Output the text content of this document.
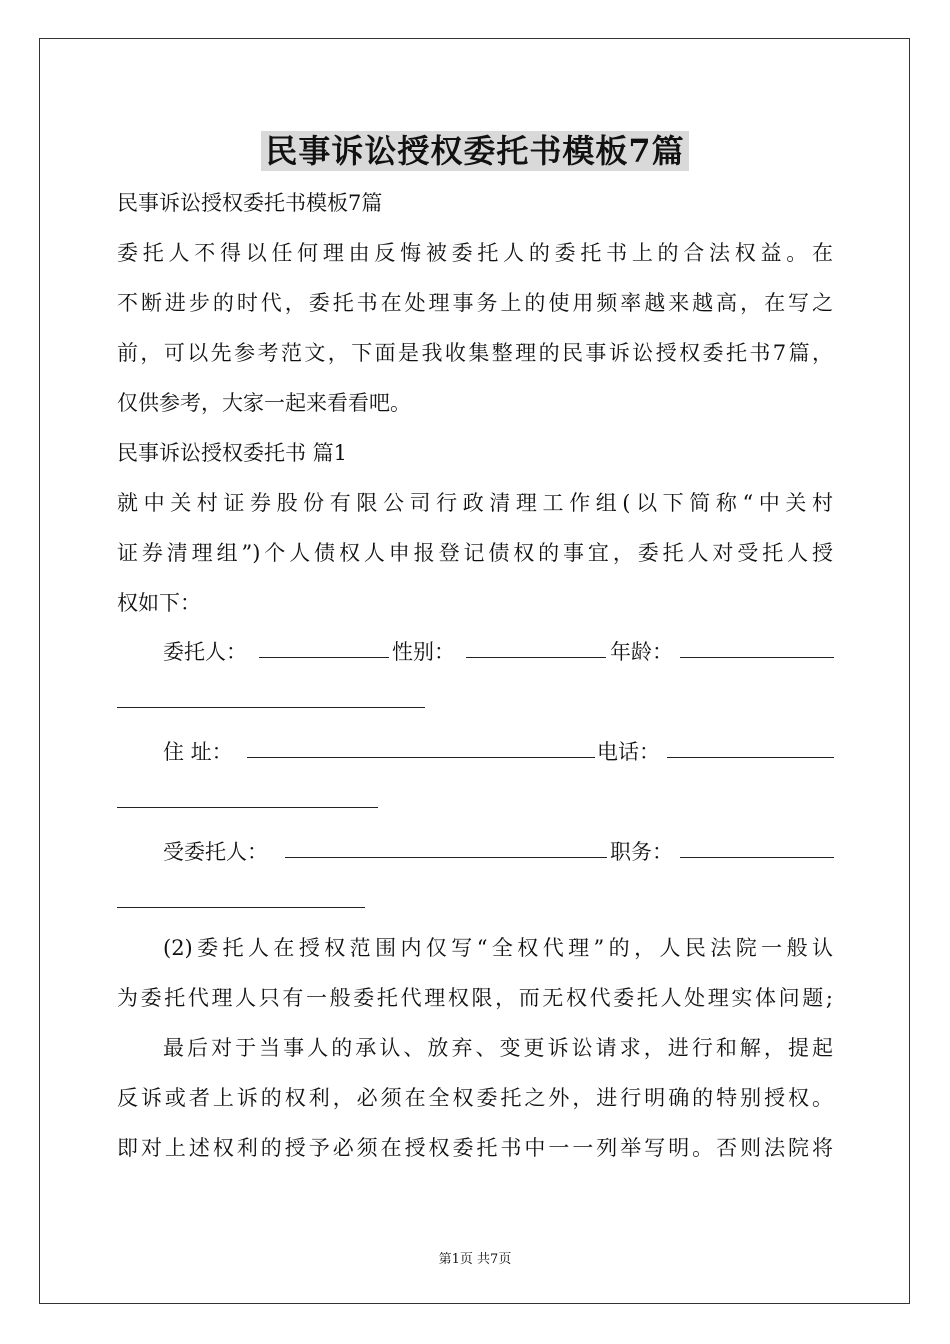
民事诉讼授权委托书模板7篇
民事诉讼授权委托书模板7篇
委托人不得以任何理由反悔被委托人的委托书上的合法权益。在
不断进步的时代，委托书在处理事务上的使用频率越来越高，在写之
前，可以先参考范文，下面是我收集整理的民事诉讼授权委托书7篇，
仅供参考，大家一起来看看吧。
民事诉讼授权委托书 篇1
就中关村证券股份有限公司行政清理工作组(以下简称“中关村
证券清理组”)个人债权人申报登记债权的事宜，委托人对受托人授
权如下：
委托人：	性别：	年龄：
住 址：	电话：
受委托人：	职务：
(2)委托人在授权范围内仅写“全权代理”的，人民法院一般认
为委托代理人只有一般委托代理权限，而无权代委托人处理实体问题;
最后对于当事人的承认、放弃、变更诉讼请求，进行和解，提起
反诉或者上诉的权利，必须在全权委托之外，进行明确的特别授权。
即对上述权利的授予必须在授权委托书中一一列举写明。否则法院将
第1页 共7页
